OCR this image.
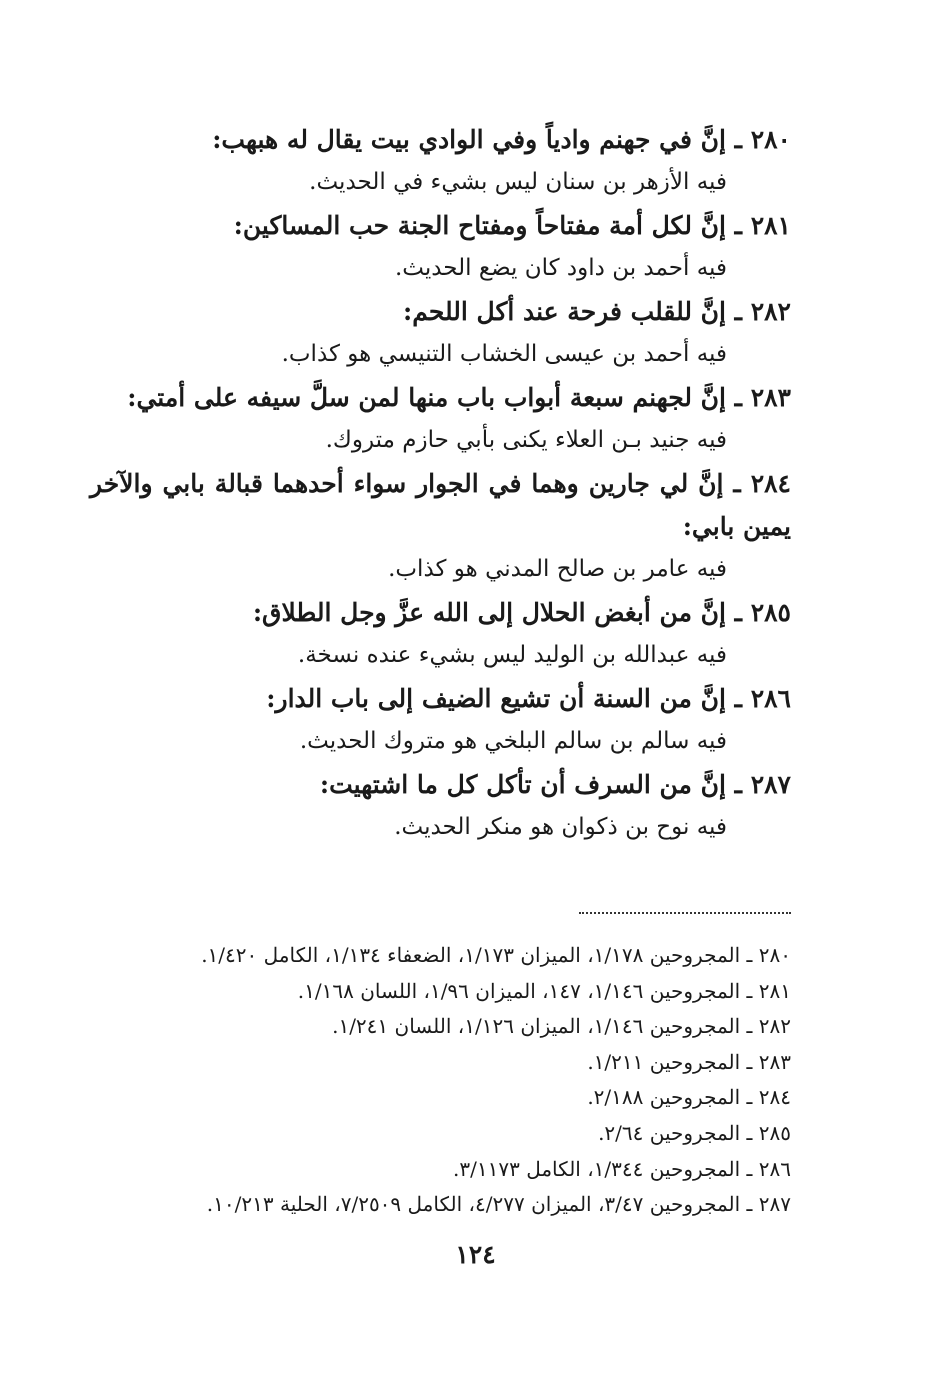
٢٨٠ ـ إنَّ في جهنم وادياً وفي الوادي بيت يقال له هبهب:
فيه الأزهر بن سنان ليس بشيء في الحديث.
٢٨١ ـ إنَّ لكل أمة مفتاحاً ومفتاح الجنة حب المساكين:
فيه أحمد بن داود كان يضع الحديث.
٢٨٢ ـ إنَّ للقلب فرحة عند أكل اللحم:
فيه أحمد بن عيسى الخشاب التنيسي هو كذاب.
٢٨٣ ـ إنَّ لجهنم سبعة أبواب باب منها لمن سلَّ سيفه على أمتي:
فيه جنيد بـن العلاء يكنى بأبي حازم متروك.
٢٨٤ ـ إنَّ لي جارين وهما في الجوار سواء أحدهما قبالة بابي والآخر يمين بابي:
فيه عامر بن صالح المدني هو كذاب.
٢٨٥ ـ إنَّ من أبغض الحلال إلى الله عزَّ وجل الطلاق:
فيه عبدالله بن الوليد ليس بشيء عنده نسخة.
٢٨٦ ـ إنَّ من السنة أن تشيع الضيف إلى باب الدار:
فيه سالم بن سالم البلخي هو متروك الحديث.
٢٨٧ ـ إنَّ من السرف أن تأكل كل ما اشتهيت:
فيه نوح بن ذكوان هو منكر الحديث.
٢٨٠ ـ المجروحين ١/١٧٨، الميزان ١/١٧٣، الضعفاء ١/١٣٤، الكامل ١/٤٢٠.
٢٨١ ـ المجروحين ١/١٤٦، ١٤٧، الميزان ١/٩٦، اللسان ١/١٦٨.
٢٨٢ ـ المجروحين ١/١٤٦، الميزان ١/١٢٦، اللسان ١/٢٤١.
٢٨٣ ـ المجروحين ١/٢١١.
٢٨٤ ـ المجروحين ٢/١٨٨.
٢٨٥ ـ المجروحين ٢/٦٤.
٢٨٦ ـ المجروحين ١/٣٤٤، الكامل ٣/١١٧٣.
٢٨٧ ـ المجروحين ٣/٤٧، الميزان ٤/٢٧٧، الكامل ٧/٢٥٠٩، الحلية ١٠/٢١٣.
١٢٤
